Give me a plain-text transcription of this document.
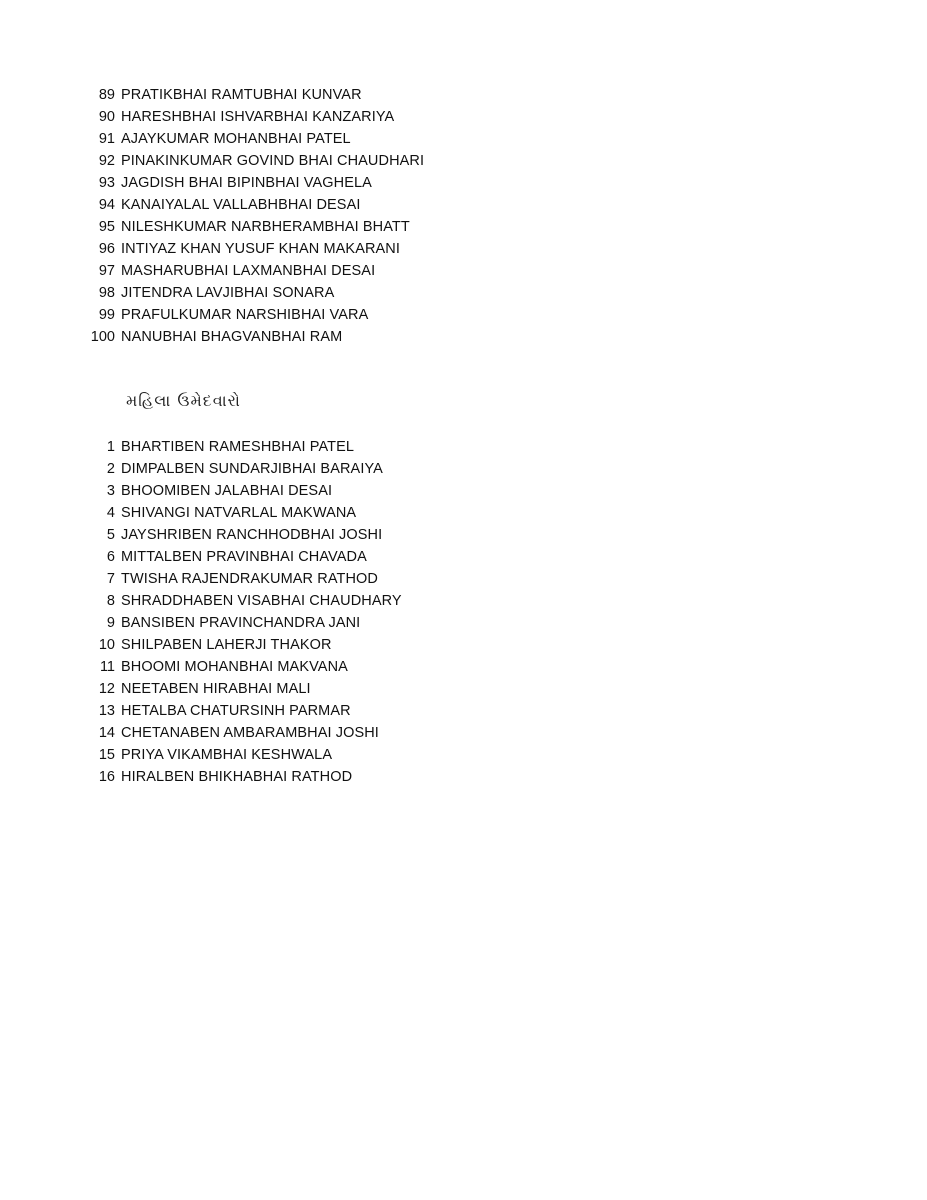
89 PRATIKBHAI RAMTUBHAI KUNVAR
90 HARESHBHAI ISHVARBHAI KANZARIYA
91 AJAYKUMAR MOHANBHAI PATEL
92 PINAKINKUMAR GOVIND BHAI CHAUDHARI
93 JAGDISH BHAI BIPINBHAI VAGHELA
94 KANAIYALAL VALLABHBHAI DESAI
95 NILESHKUMAR NARBHERAMBHAI BHATT
96 INTIYAZ KHAN YUSUF KHAN MAKARANI
97 MASHARUBHAI LAXMANBHAI DESAI
98 JITENDRA LAVJIBHAI SONARA
99 PRAFULKUMAR NARSHIBHAI VARA
100 NANUBHAI BHAGVANBHAI RAM
મહિલા ઉમેદવારો
1 BHARTIBEN RAMESHBHAI PATEL
2 DIMPALBEN SUNDARJIBHAI BARAIYA
3 BHOOMIBEN JALABHAI DESAI
4 SHIVANGI NATVARLAL MAKWANA
5 JAYSHRIBEN RANCHHODBHAI JOSHI
6 MITTALBEN PRAVINBHAI CHAVADA
7 TWISHA RAJENDRAKUMAR RATHOD
8 SHRADDHABEN VISABHAI CHAUDHARY
9 BANSIBEN PRAVINCHANDRA JANI
10 SHILPABEN LAHERJI THAKOR
11 BHOOMI MOHANBHAI MAKVANA
12 NEETABEN HIRABHAI MALI
13 HETALBA CHATURSINH PARMAR
14 CHETANABEN AMBARAMBHAI JOSHI
15 PRIYA VIKAMBHAI KESHWALA
16 HIRALBEN BHIKHABHAI RATHOD
